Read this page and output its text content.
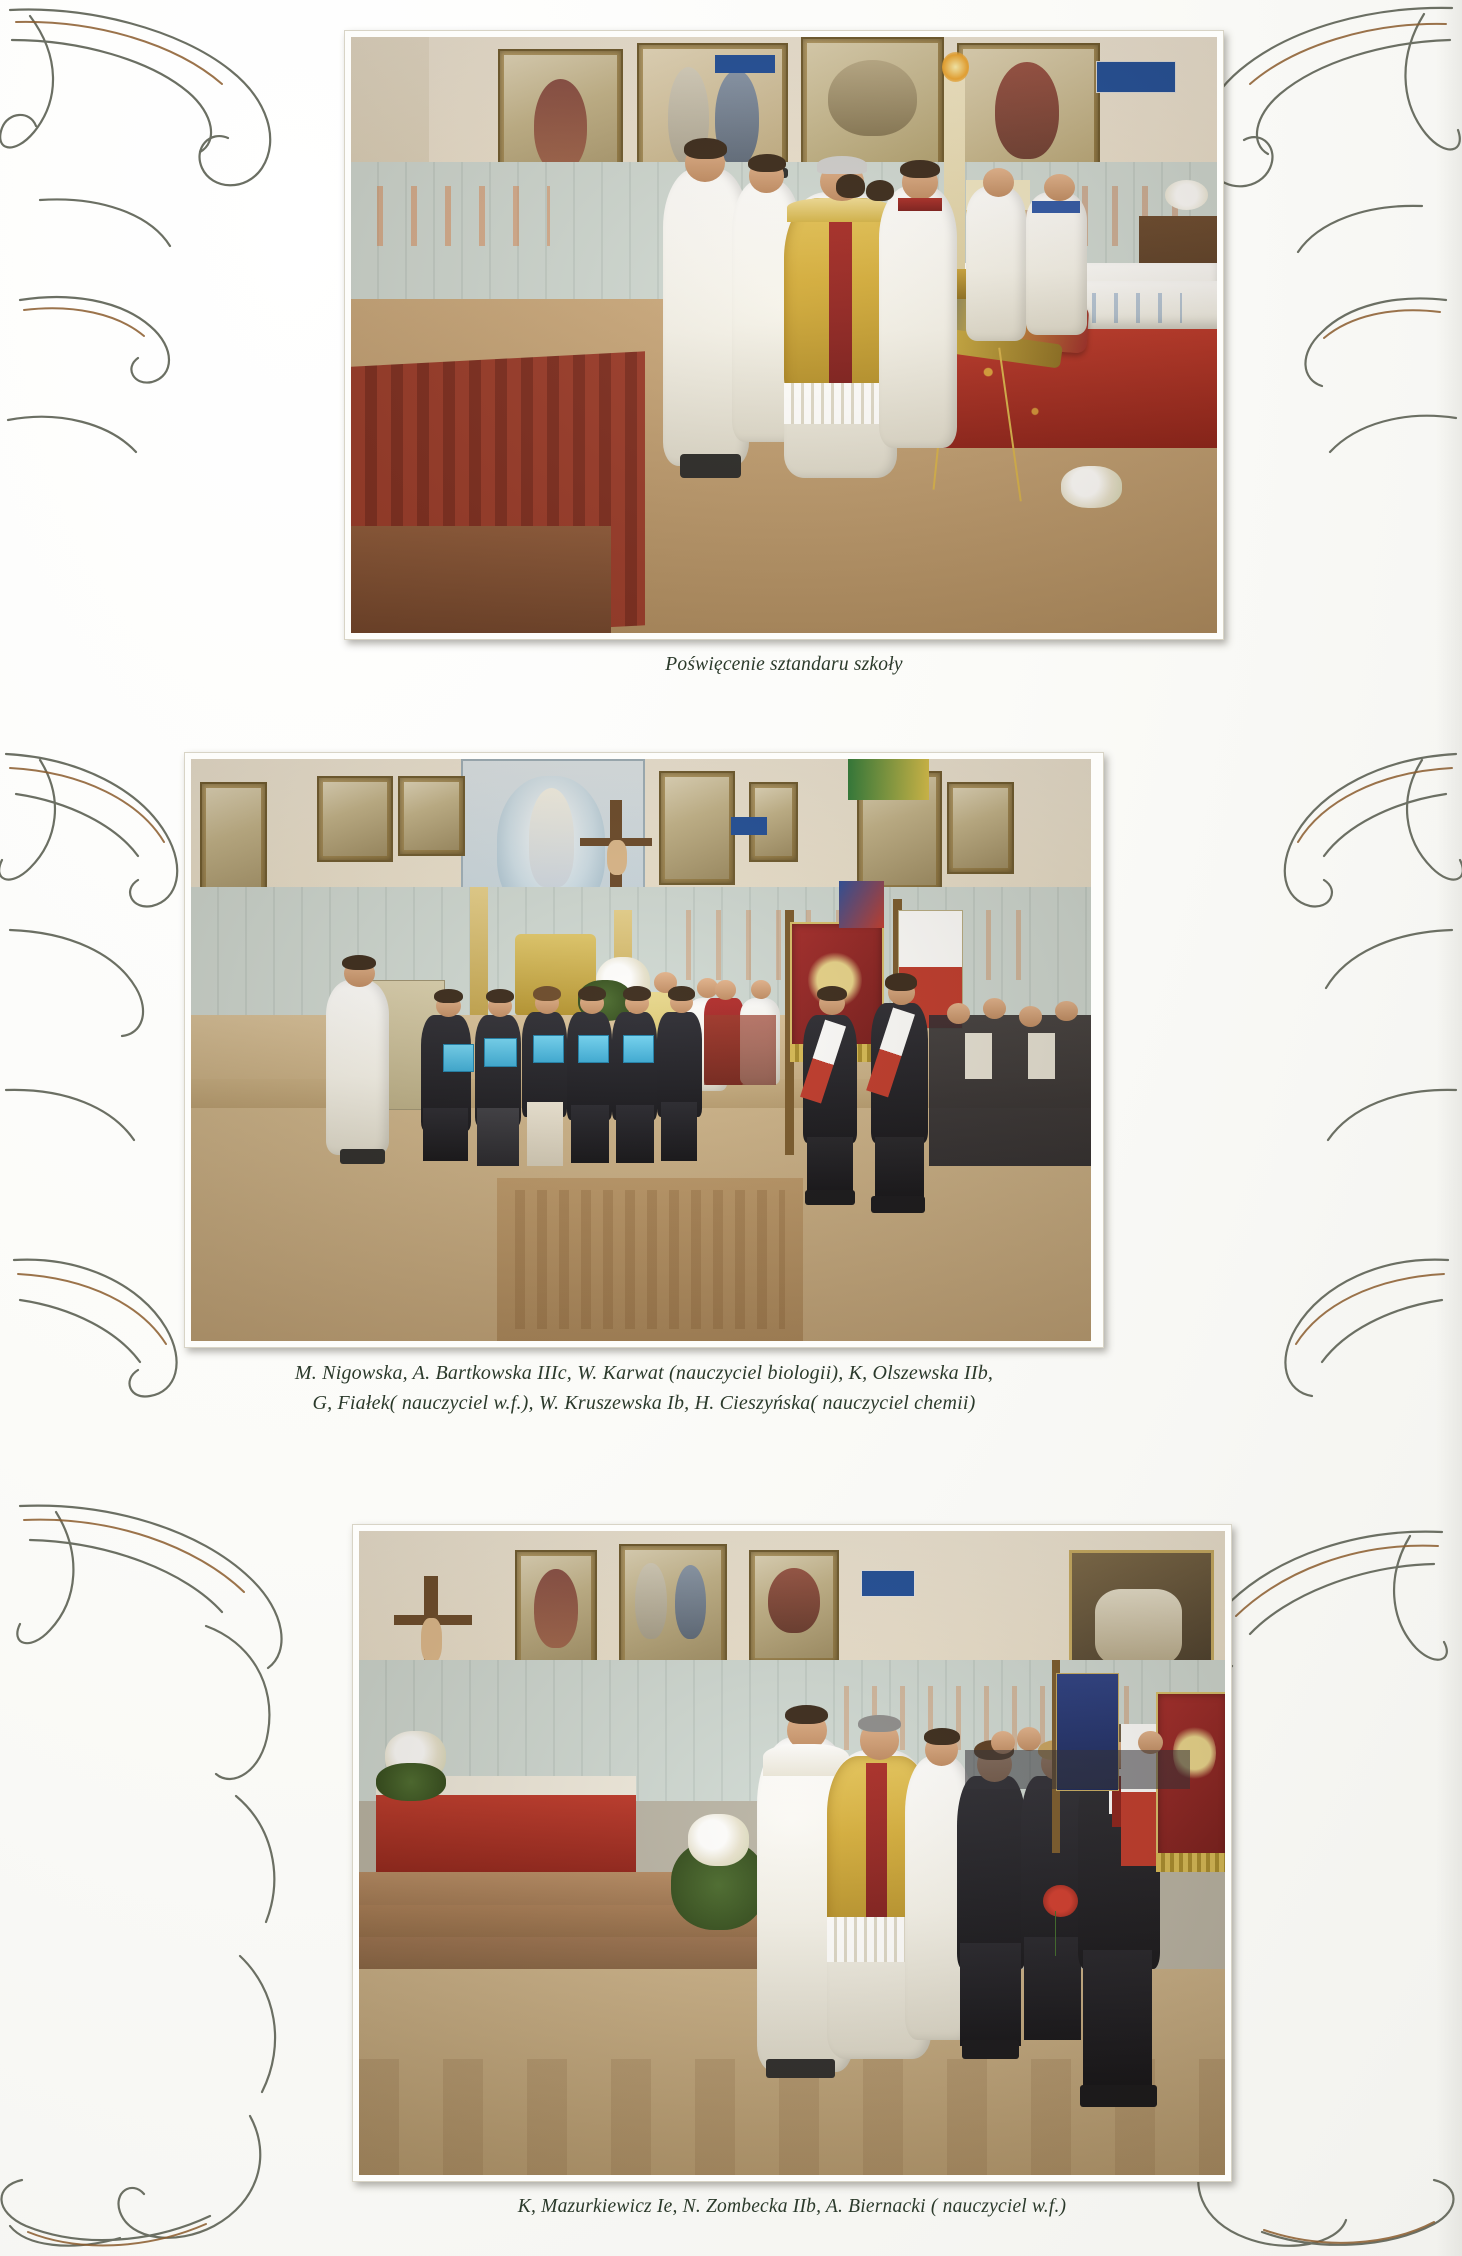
Poświęcenie sztandaru szkoły
M. Nigowska, A. Bartkowska IIIc, W. Karwat (nauczyciel biologii), K, Olszewska IIb,
G, Fiałek( nauczyciel w.f.), W. Kruszewska Ib, H. Cieszyńska( nauczyciel chemii)
K, Mazurkiewicz Ie, N. Zombecka IIb, A. Biernacki ( nauczyciel w.f.)
